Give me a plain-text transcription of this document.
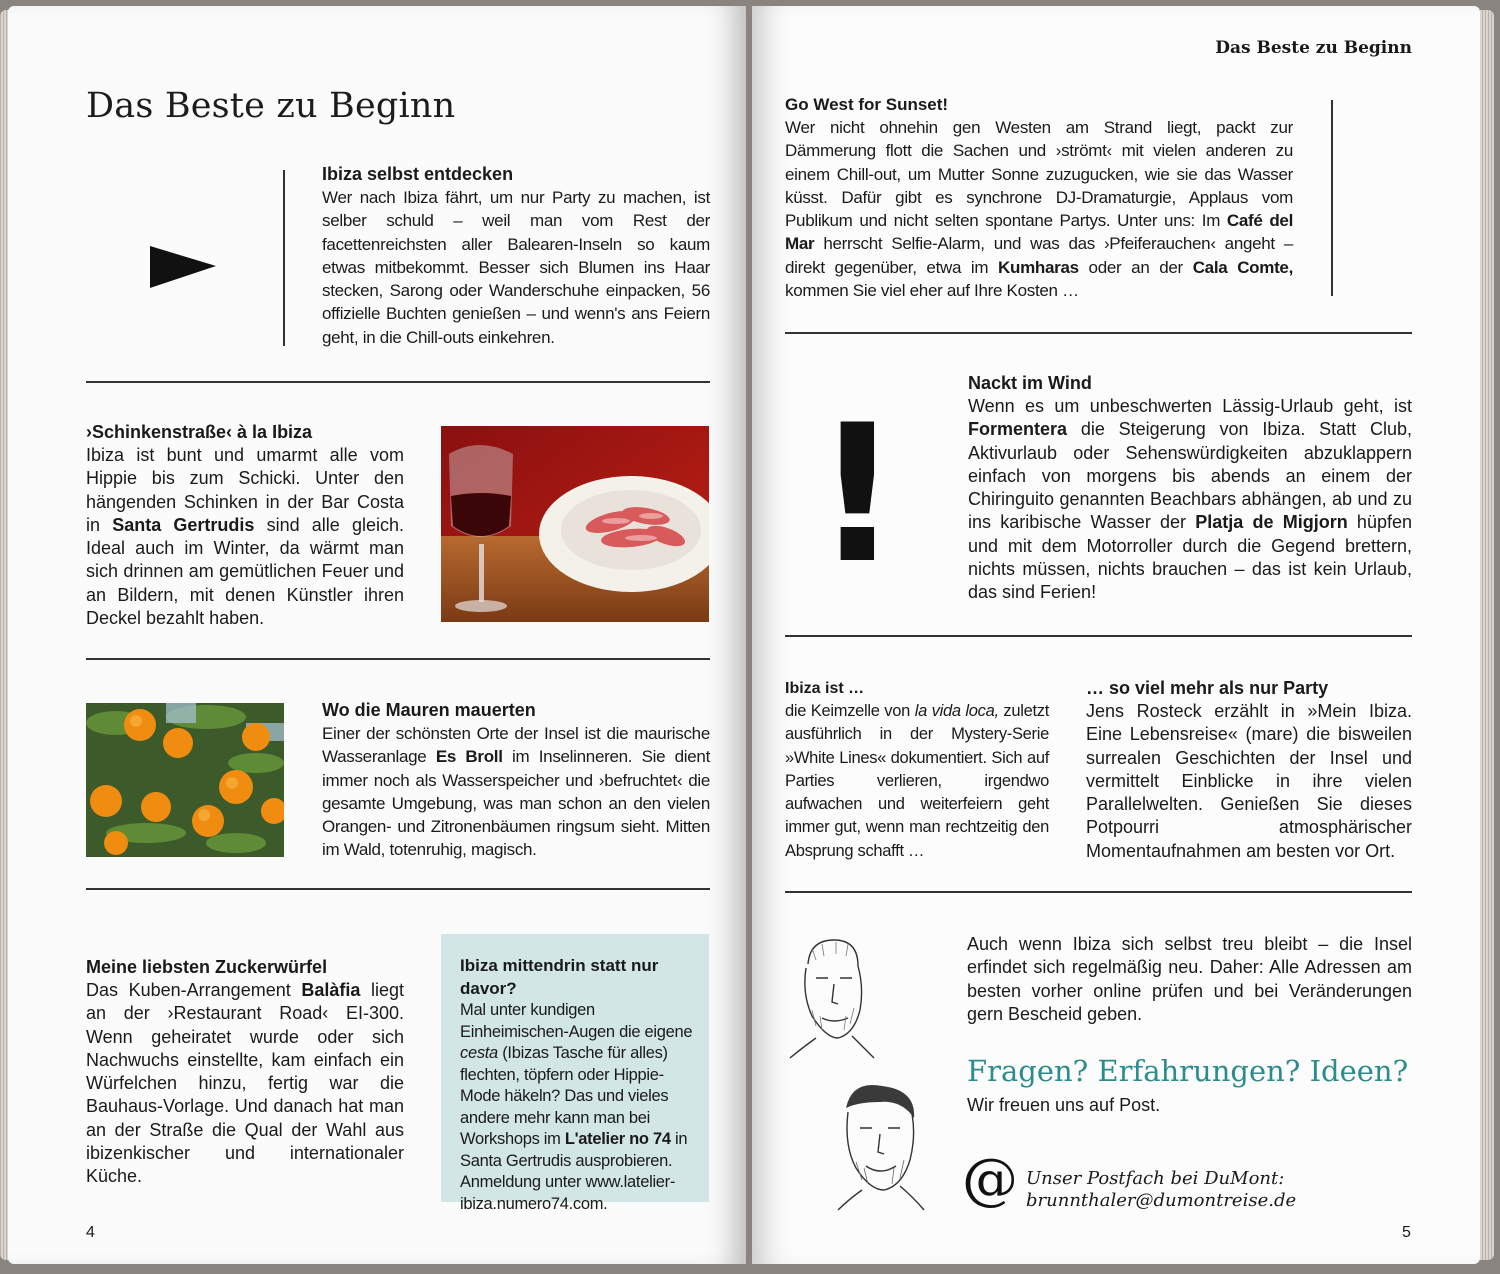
Das Beste zu Beginn
Ibiza selbst entdecken
Wer nach Ibiza fährt, um nur Party zu machen, ist selber schuld – weil man vom Rest der facettenreichsten aller Balearen-Inseln so kaum etwas mitbekommt. Besser sich Blumen ins Haar stecken, Sarong oder Wanderschuhe einpacken, 56 offizielle Buchten genießen – und wenn's ans Feiern geht, in die Chill-outs einkehren.
›Schinkenstraße‹ à la Ibiza
Ibiza ist bunt und umarmt alle vom Hippie bis zum Schicki. Unter den hängenden Schinken in der Bar Costa in Santa Gertrudis sind alle gleich. Ideal auch im Winter, da wärmt man sich drinnen am gemütlichen Feuer und an Bildern, mit denen Künstler ihren Deckel bezahlt haben.
Wo die Mauren mauerten
Einer der schönsten Orte der Insel ist die maurische Wasseranlage Es Broll im Inselinneren. Sie dient immer noch als Wasserspeicher und ›befruchtet‹ die gesamte Umgebung, was man schon an den vielen Orangen- und Zitronenbäumen ringsum sieht. Mitten im Wald, totenruhig, magisch.
Meine liebsten Zuckerwürfel
Das Kuben-Arrangement Balàfia liegt an der ›Restaurant Road‹ EI-300. Wenn geheiratet wurde oder sich Nachwuchs einstellte, kam einfach ein Würfelchen hinzu, fertig war die Bauhaus-Vorlage. Und danach hat man an der Straße die Qual der Wahl aus ibizenkischer und internationaler Küche.
Ibiza mittendrin statt nur davor?
Mal unter kundigen Einheimischen-Augen die eigene cesta (Ibizas Tasche für alles) flechten, töpfern oder Hippie-Mode häkeln? Das und vieles andere mehr kann man bei Workshops im L'atelier no 74 in Santa Gertrudis ausprobieren. Anmeldung unter www.latelier-ibiza.numero74.com.
4
Das Beste zu Beginn
Go West for Sunset!
Wer nicht ohnehin gen Westen am Strand liegt, packt zur Dämmerung flott die Sachen und ›strömt‹ mit vielen anderen zu einem Chill-out, um Mutter Sonne zuzugucken, wie sie das Wasser küsst. Dafür gibt es synchrone DJ-Dramaturgie, Applaus vom Publikum und nicht selten spontane Partys. Unter uns: Im Café del Mar herrscht Selfie-Alarm, und was das ›Pfeiferauchen‹ angeht – direkt gegenüber, etwa im Kumharas oder an der Cala Comte, kommen Sie viel eher auf Ihre Kosten …
!
Nackt im Wind
Wenn es um unbeschwerten Lässig-Urlaub geht, ist Formentera die Steigerung von Ibiza. Statt Club, Aktivurlaub oder Sehenswürdigkeiten abzuklappern einfach von morgens bis abends an einem der Chiringuito genannten Beachbars abhängen, ab und zu ins karibische Wasser der Platja de Migjorn hüpfen und mit dem Motorroller durch die Gegend brettern, nichts müssen, nichts brauchen – das ist kein Urlaub, das sind Ferien!
Ibiza ist …
die Keimzelle von la vida loca, zuletzt ausführlich in der Mystery-Serie »White Lines« dokumentiert. Sich auf Parties verlieren, irgendwo aufwachen und weiterfeiern geht immer gut, wenn man rechtzeitig den Absprung schafft …
… so viel mehr als nur Party
Jens Rosteck erzählt in »Mein Ibiza. Eine Lebensreise« (mare) die bisweilen surrealen Geschichten der Insel und vermittelt Einblicke in ihre vielen Parallelwelten. Genießen Sie dieses Potpourri atmosphärischer Momentaufnahmen am besten vor Ort.
Auch wenn Ibiza sich selbst treu bleibt – die Insel erfindet sich regelmäßig neu. Daher: Alle Adressen am besten vorher online prüfen und bei Veränderungen gern Bescheid geben.
Fragen? Erfahrungen? Ideen?
Wir freuen uns auf Post.
@ Unser Postfach bei DuMont:
brunnthaler@dumontreise.de
5
